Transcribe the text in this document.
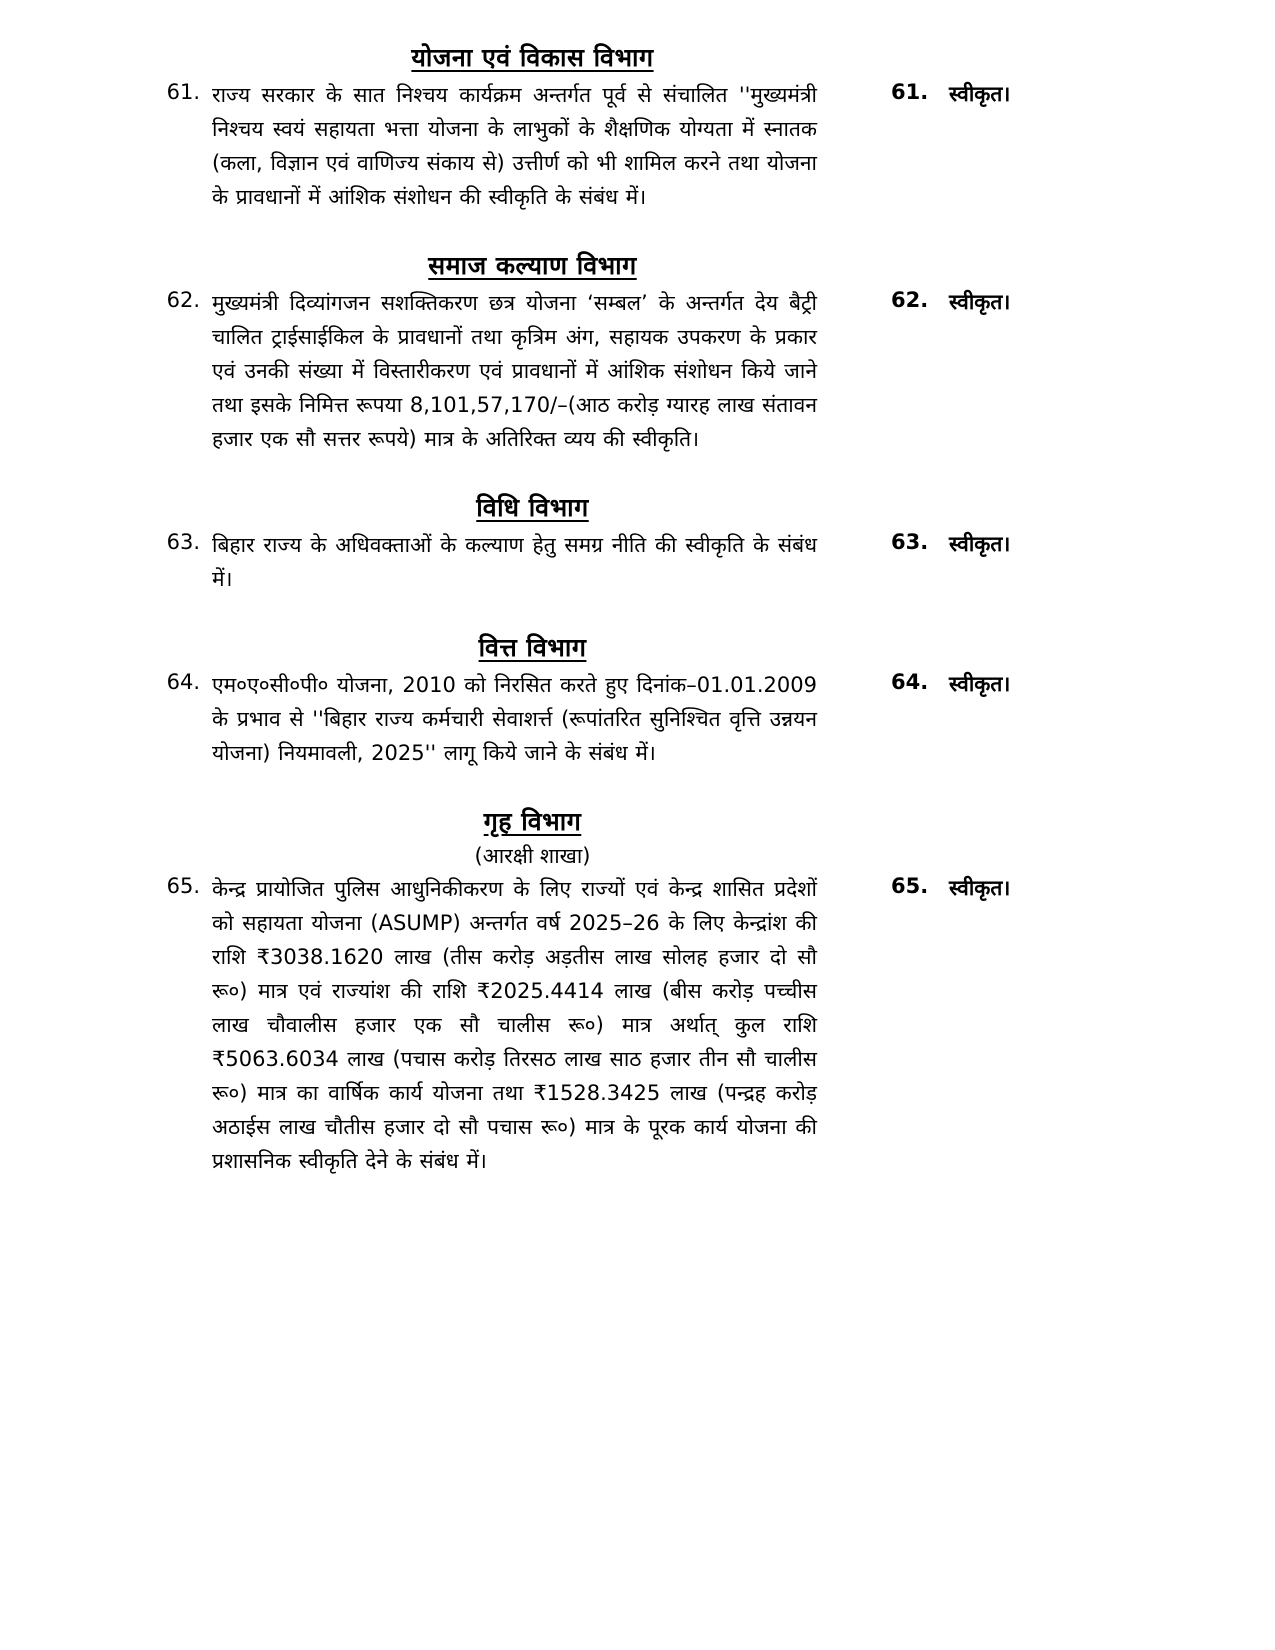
योजना एवं विकास विभाग
61. राज्य सरकार के सात निश्चय कार्यक्रम अन्तर्गत पूर्व से संचालित ''मुख्यमंत्री निश्चय स्वयं सहायता भत्ता योजना के लाभुकों के शैक्षणिक योग्यता में स्नातक (कला, विज्ञान एवं वाणिज्य संकाय से) उत्तीर्ण को भी शामिल करने तथा योजना के प्रावधानों में आंशिक संशोधन की स्वीकृति के संबंध में।
61. स्वीकृत।
समाज कल्याण विभाग
62. मुख्यमंत्री दिव्यांगजन सशक्तिकरण छत्र योजना ‘सम्बल’ के अन्तर्गत देय बैट्री चालित ट्राईसाईकिल के प्रावधानों तथा कृत्रिम अंग, सहायक उपकरण के प्रकार एवं उनकी संख्या में विस्तारीकरण एवं प्रावधानों में आंशिक संशोधन किये जाने तथा इसके निमित्त रूपया 8,101,57,170/–(आठ करोड़ ग्यारह लाख संतावन हजार एक सौ सत्तर रूपये) मात्र के अतिरिक्त व्यय की स्वीकृति।
62. स्वीकृत।
विधि विभाग
63. बिहार राज्य के अधिवक्ताओं के कल्याण हेतु समग्र नीति की स्वीकृति के संबंध में।
63. स्वीकृत।
वित्त विभाग
64. एम०ए०सी०पी० योजना, 2010 को निरसित करते हुए दिनांक–01.01.2009 के प्रभाव से ''बिहार राज्य कर्मचारी सेवाशर्त्त (रूपांतरित सुनिश्चित वृत्ति उन्नयन योजना) नियमावली, 2025'' लागू किये जाने के संबंध में।
64. स्वीकृत।
गृह विभाग
(आरक्षी शाखा)
65. केन्द्र प्रायोजित पुलिस आधुनिकीकरण के लिए राज्यों एवं केन्द्र शासित प्रदेशों को सहायता योजना (ASUMP) अन्तर्गत वर्ष 2025–26 के लिए केन्द्रांश की राशि ₹3038.1620 लाख (तीस करोड़ अड़तीस लाख सोलह हजार दो सौ रू०) मात्र एवं राज्यांश की राशि ₹2025.4414 लाख (बीस करोड़ पच्चीस लाख चौवालीस हजार एक सौ चालीस रू०) मात्र अर्थात् कुल राशि ₹5063.6034 लाख (पचास करोड़ तिरसठ लाख साठ हजार तीन सौ चालीस रू०) मात्र का वार्षिक कार्य योजना तथा ₹1528.3425 लाख (पन्द्रह करोड़ अठाईस लाख चौतीस हजार दो सौ पचास रू०) मात्र के पूरक कार्य योजना की प्रशासनिक स्वीकृति देने के संबंध में।
65. स्वीकृत।
